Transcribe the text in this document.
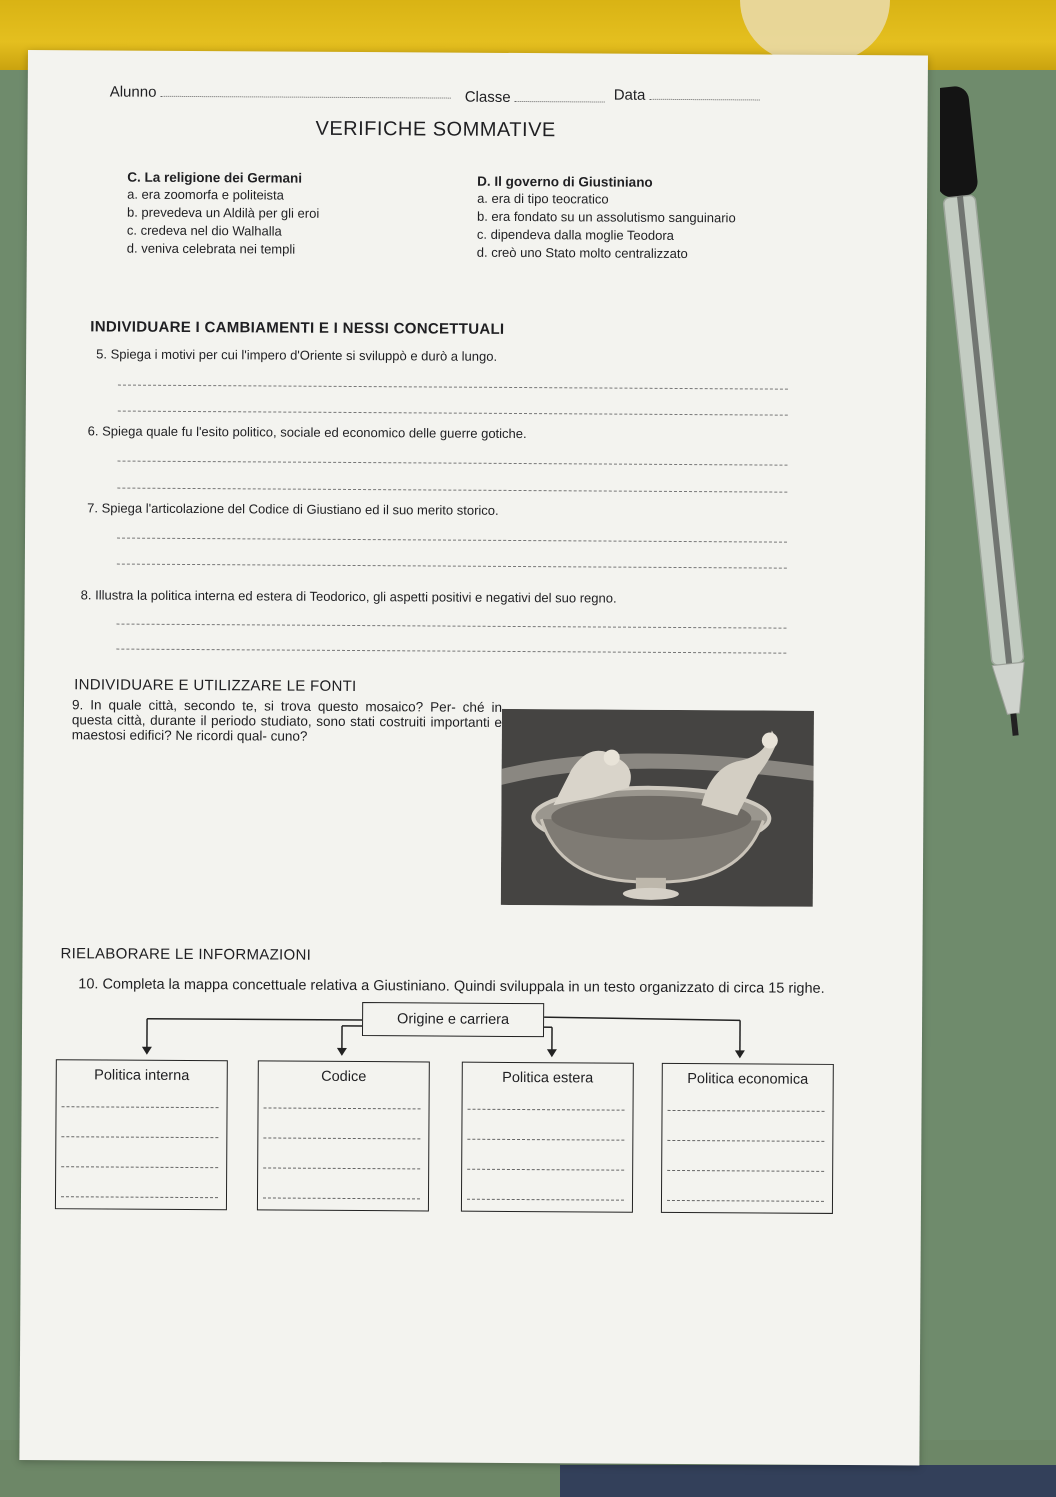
Alunno	Classe	Data
VERIFICHE SOMMATIVE
C. La religione dei Germani
a. era zoomorfa e politeista
b. prevedeva un Aldilà per gli eroi
c. credeva nel dio Walhalla
d. veniva celebrata nei templi
D. Il governo di Giustiniano
a. era di tipo teocratico
b. era fondato su un assolutismo sanguinario
c. dipendeva dalla moglie Teodora
d. creò uno Stato molto centralizzato
INDIVIDUARE I CAMBIAMENTI E I NESSI CONCETTUALI
5. Spiega i motivi per cui l'impero d'Oriente si sviluppò e durò a lungo.
6. Spiega quale fu l'esito politico, sociale ed economico delle guerre gotiche.
7. Spiega l'articolazione del Codice di Giustiano ed il suo merito storico.
8. Illustra la politica interna ed estera di Teodorico, gli aspetti positivi e negativi del suo regno.
INDIVIDUARE E UTILIZZARE LE FONTI
9. In quale città, secondo te, si trova questo mosaico? Per- ché in questa città, durante il periodo studiato, sono stati costruiti importanti e maestosi edifici? Ne ricordi qual- cuno?
RIELABORARE LE INFORMAZIONI
10. Completa la mappa concettuale relativa a Giustiniano. Quindi sviluppala in un testo organizzato di circa 15 righe.
Origine e carriera
Politica interna	Codice	Politica estera	Politica economica
